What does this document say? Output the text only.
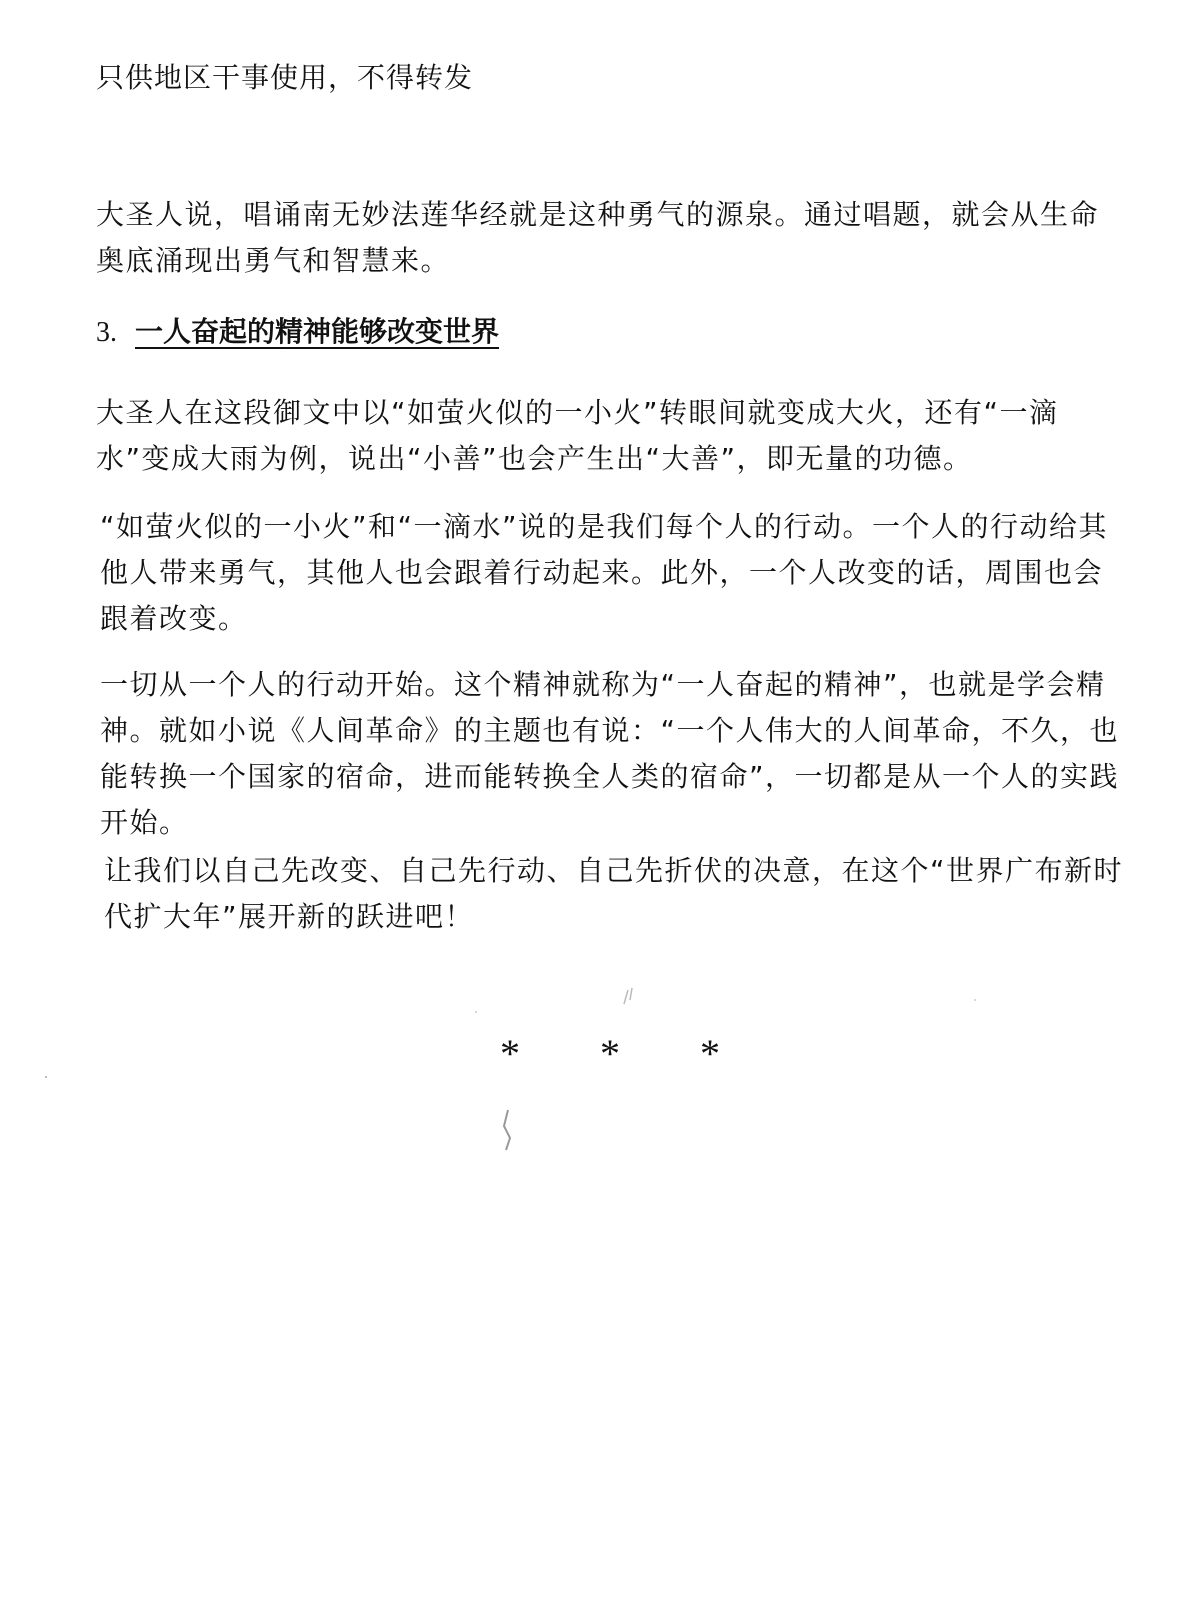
只供地区干事使用，不得转发

大圣人说，唱诵南无妙法莲华经就是这种勇气的源泉。通过唱题，就会从生命奥底涌现出勇气和智慧来。

3. 一人奋起的精神能够改变世界

大圣人在这段御文中以“如萤火似的一小火”转眼间就变成大火，还有“一滴水”变成大雨为例，说出“小善”也会产生出“大善”，即无量的功德。

“如萤火似的一小火”和“一滴水”说的是我们每个人的行动。一个人的行动给其他人带来勇气，其他人也会跟着行动起来。此外，一个人改变的话，周围也会跟着改变。

一切从一个人的行动开始。这个精神就称为“一人奋起的精神”，也就是学会精神。就如小说《人间革命》的主题也有说：“一个人伟大的人间革命，不久，也能转换一个国家的宿命，进而能转换全人类的宿命”，一切都是从一个人的实践开始。

让我们以自己先改变、自己先行动、自己先折伏的决意，在这个“世界广布新时代扩大年”展开新的跃进吧！

* * *
